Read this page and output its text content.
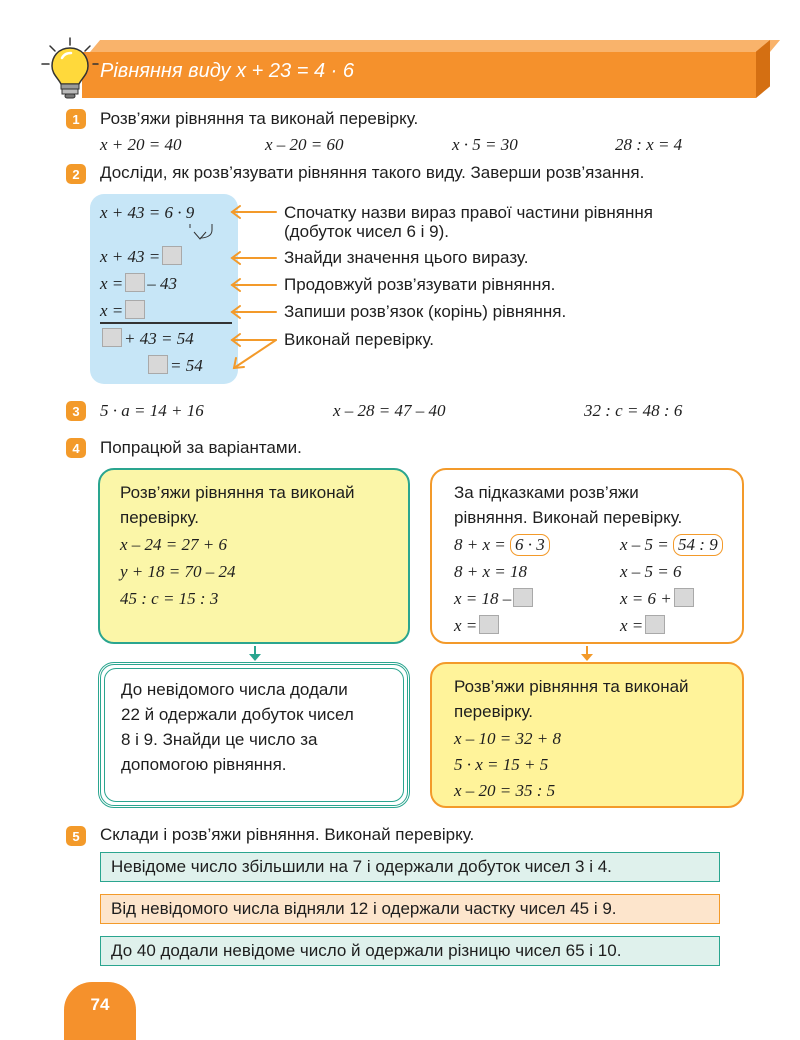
Рівняння виду x + 23 = 4 · 6
1	Розв’яжи рівняння та виконай перевірку.
x + 20 = 40	x – 20 = 60	x · 5 = 30	28 : x = 4
2	Досліди, як розв’язувати рівняння такого виду. Заверши розв’язання.
x + 43 = 6 · 9
x + 43 =
x = – 43
x =
+ 43 = 54
= 54
Спочатку назви вираз правої частини рівняння
(добуток чисел 6 і 9).
Знайди значення цього виразу.
Продовжуй розв’язувати рівняння.
Запиши розв’язок (корінь) рівняння.
Виконай перевірку.
3	5 · a = 14 + 16	x – 28 = 47 – 40	32 : c = 48 : 6
4	Попрацюй за варіантами.
Розв’яжи рівняння та виконай
перевірку.
x – 24 = 27 + 6
y + 18 = 70 – 24
45 : c = 15 : 3
За підказками розв’яжи
рівняння. Виконай перевірку.
8 + x = 6 · 3
8 + x = 18
x = 18 –
x =
x – 5 = 54 : 9
x – 5 = 6
x = 6 +
x =
До невідомого числа додали
22 й одержали добуток чисел
8 і 9. Знайди це число за
допомогою рівняння.
Розв’яжи рівняння та виконай
перевірку.
x – 10 = 32 + 8
5 · x = 15 + 5
x – 20 = 35 : 5
5	Склади і розв’яжи рівняння. Виконай перевірку.
Невідоме число збільшили на 7 і одержали добуток чисел 3 і 4.
Від невідомого числа відняли 12 і одержали частку чисел 45 і 9.
До 40 додали невідоме число й одержали різницю чисел 65 і 10.
74
